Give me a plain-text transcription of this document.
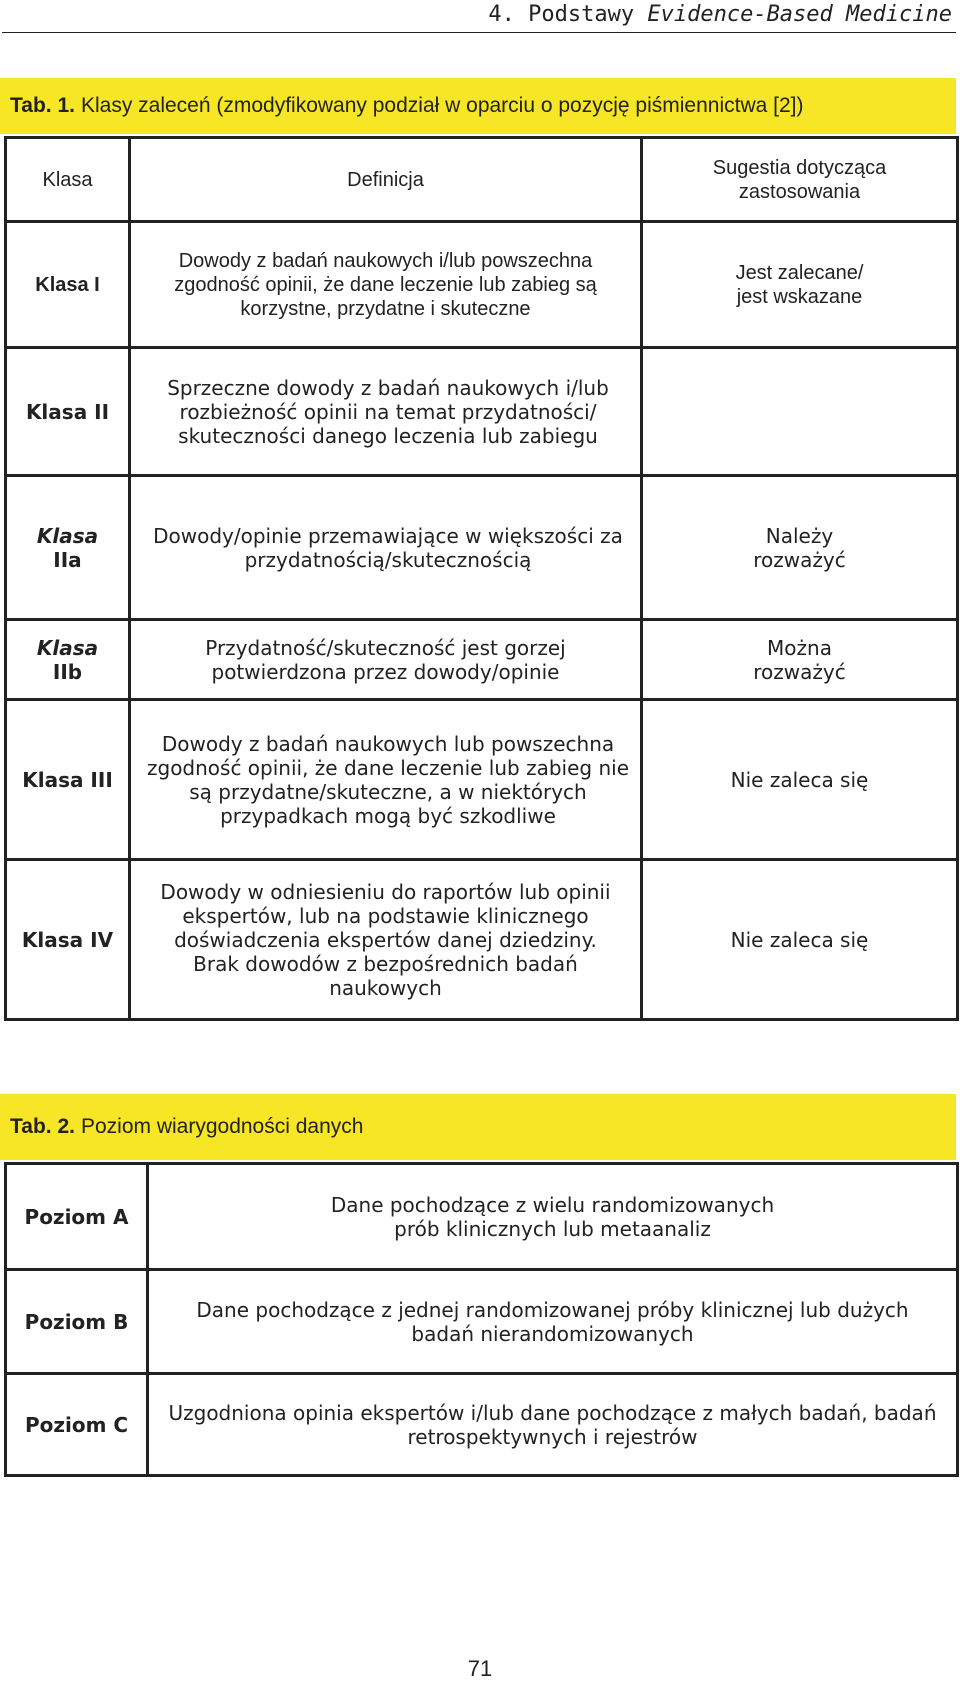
4. Podstawy Evidence-Based Medicine
Tab. 1. Klasy zaleceń (zmodyfikowany podział w oparciu o pozycję piśmiennictwa [2])
Klasa	Definicja	Sugestia dotycząca zastosowania

Klasa I	Dowody z badań naukowych i/lub powszechna zgodność opinii, że dane leczenie lub zabieg są korzystne, przydatne i skuteczne	Jest zalecane/ jest wskazane

Klasa II	Sprzeczne dowody z badań naukowych i/lub rozbieżność opinii na temat przydatności/ skuteczności danego leczenia lub zabiegu	

Klasa
IIa	Dowody/opinie przemawiające w większości za przydatnością/skutecznością	Należy rozważyć

Klasa
IIb	Przydatność/skuteczność jest gorzej potwierdzona przez dowody/opinie	Można rozważyć

Klasa III	Dowody z badań naukowych lub powszechna zgodność opinii, że dane leczenie lub zabieg nie są przydatne/skuteczne, a w niektórych przypadkach mogą być szkodliwe	Nie zaleca się

Klasa IV	Dowody w odniesieniu do raportów lub opinii ekspertów, lub na podstawie klinicznego doświadczenia ekspertów danej dziedziny. Brak dowodów z bezpośrednich badań naukowych	Nie zaleca się
Tab. 2. Poziom wiarygodności danych
Poziom A	Dane pochodzące z wielu randomizowanych prób klinicznych lub metaanaliz

Poziom B	Dane pochodzące z jednej randomizowanej próby klinicznej lub dużych badań nierandomizowanych

Poziom C	Uzgodniona opinia ekspertów i/lub dane pochodzące z małych badań, badań retrospektywnych i rejestrów
71
